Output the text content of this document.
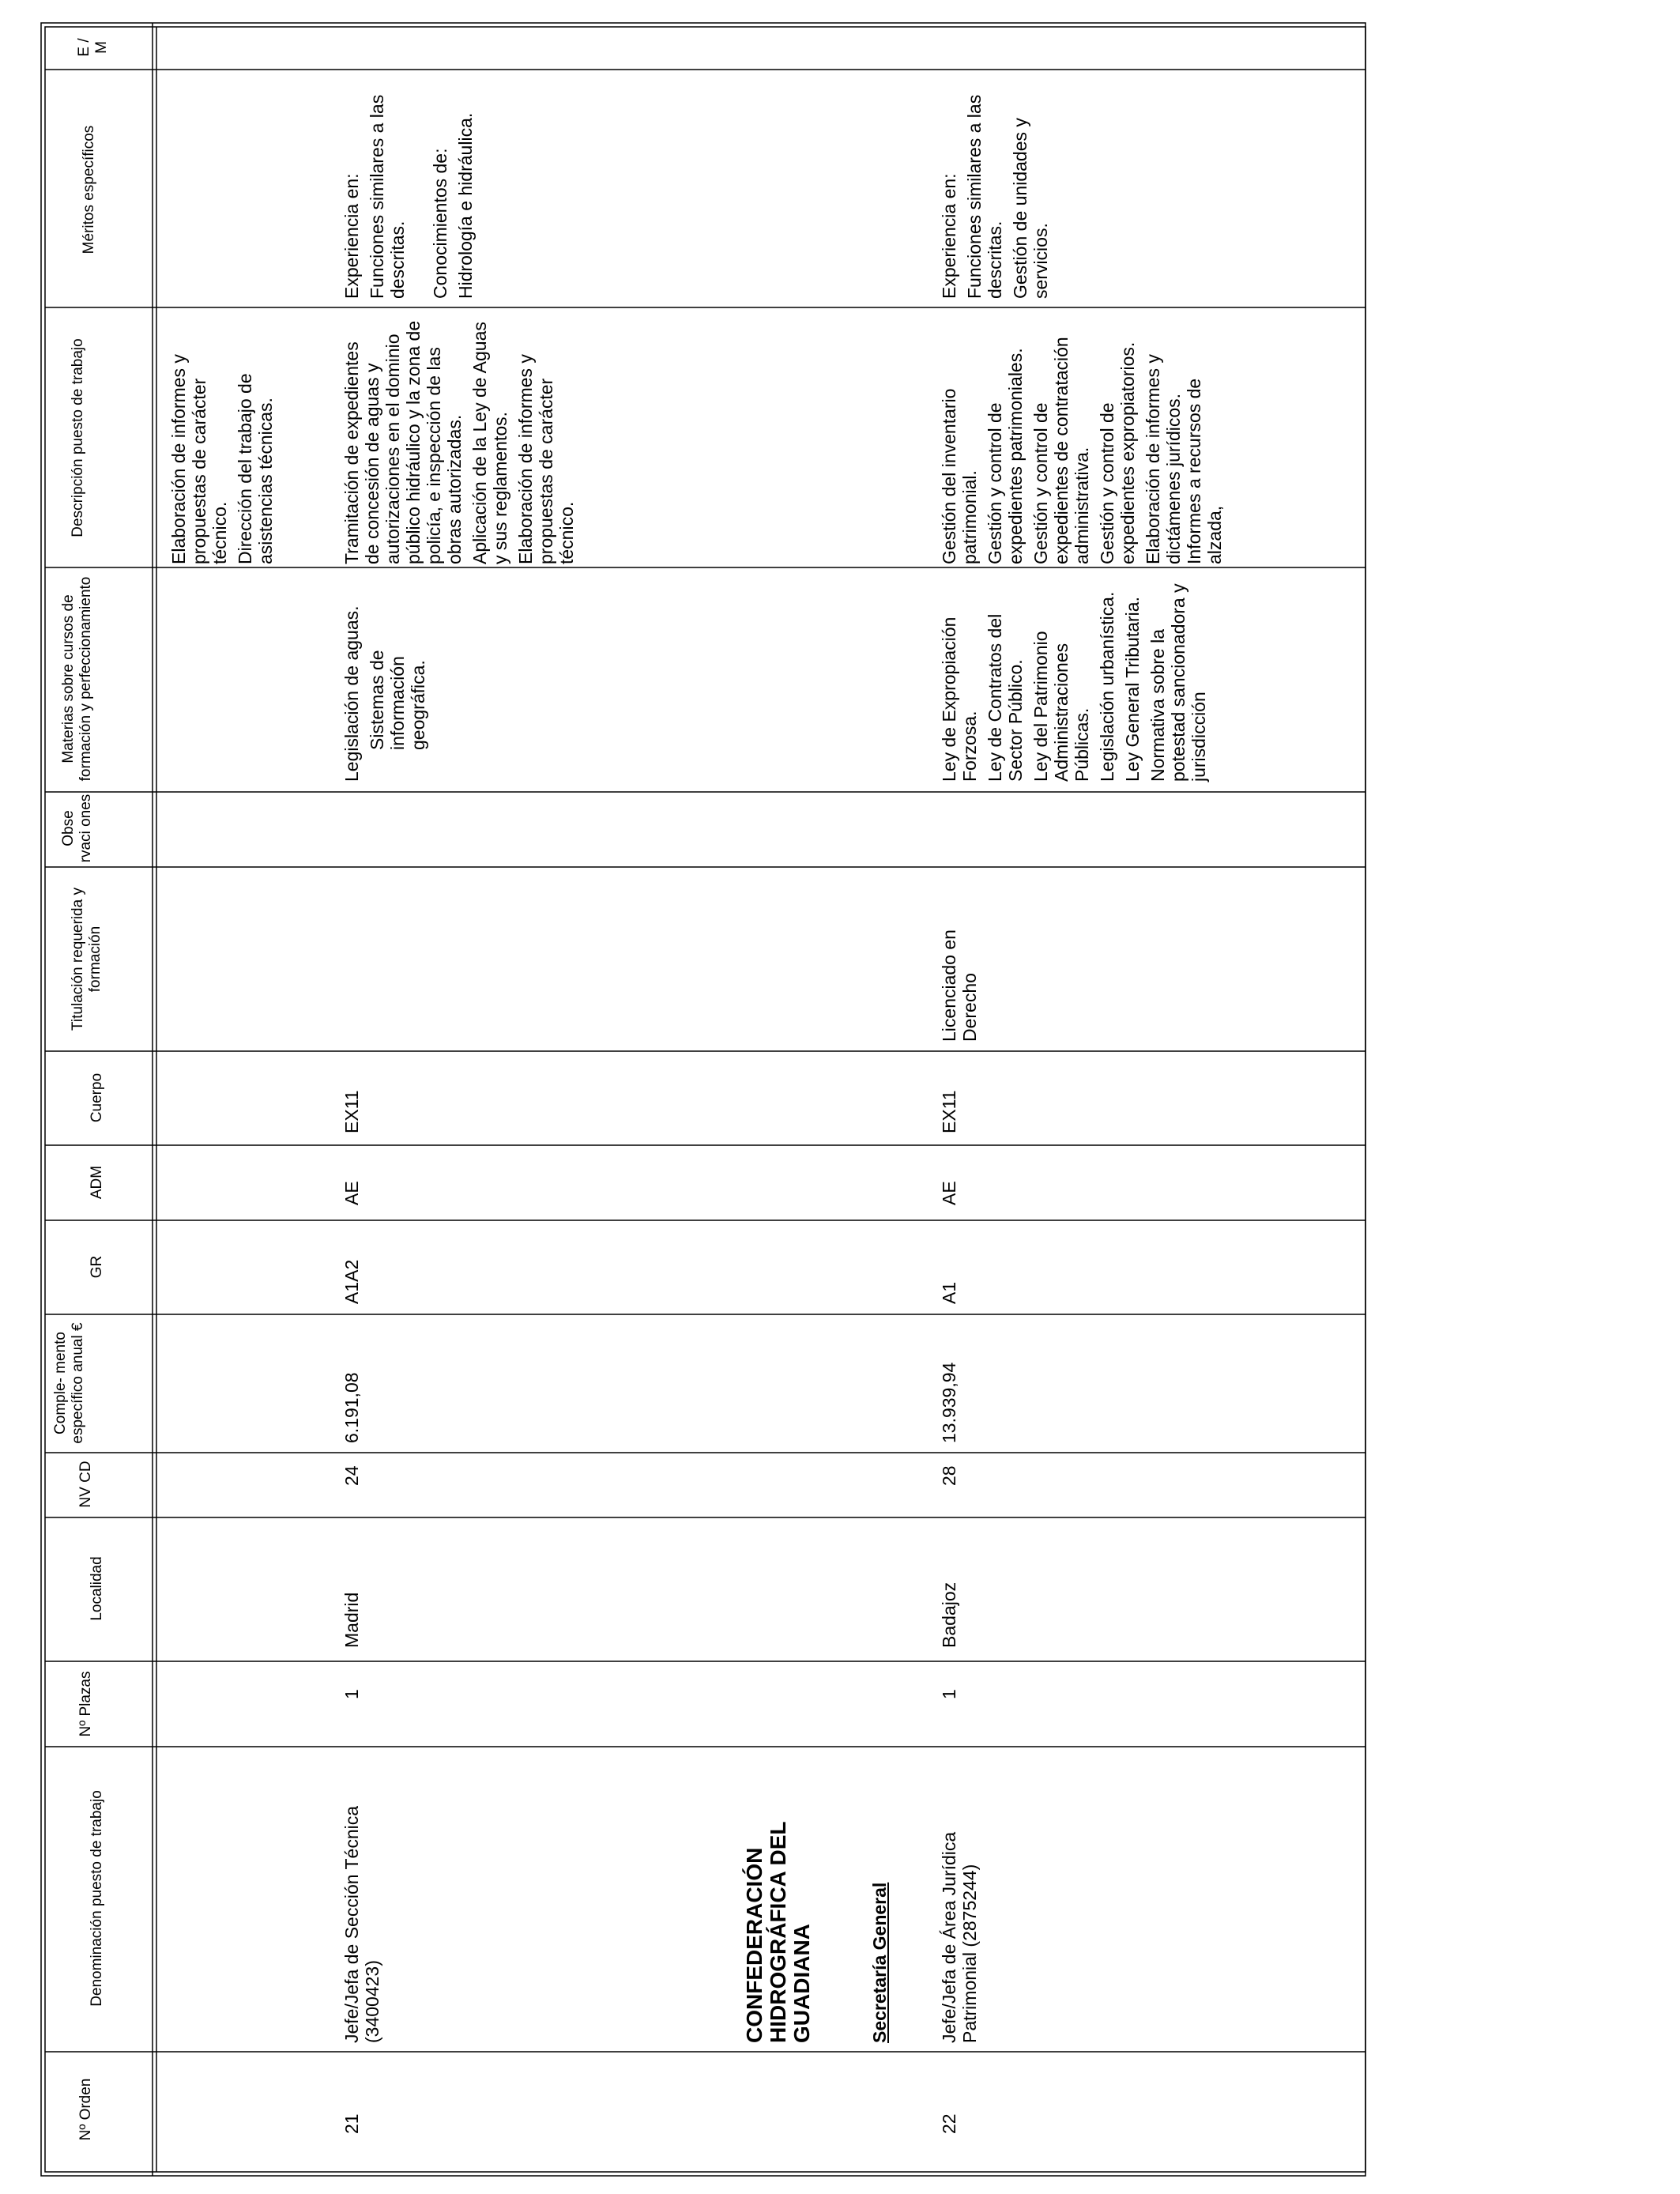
E / M
Méritos específicos
Descripción puesto de trabajo
Materias sobre cursos de formación y perfeccionamiento
Obse rvaci ones
Titulación requerida y formación
Cuerpo
ADM
GR
Comple- mento específico anual €
NV CD
Localidad
Nº Plazas
Denominación puesto de trabajo
Nº Orden
Elaboración de informes y propuestas de carácter técnico. Dirección del trabajo de asistencias técnicas.
21
Jefe/Jefa de Sección Técnica (3400423)
1
Madrid
24
6.191,08
A1A2
AE
EX11
Legislación de aguas. Sistemas de información geográfica.
Tramitación de expedientes de concesión de aguas y autorizaciones en el dominio público hidráulico y la zona de policía, e inspección de las obras autorizadas. Aplicación de la Ley de Aguas y sus reglamentos. Elaboración de informes y propuestas de carácter técnico.
Experiencia en: Funciones similares a las descritas. Conocimientos de: Hidrología e hidráulica.
CONFEDERACIÓN HIDROGRÁFICA DEL GUADIANA	Secretaría General
22
Jefe/Jefa de Área Jurídica Patrimonial (2875244)
1
Badajoz
28
13.939,94
A1
AE
EX11
Licenciado en Derecho
Ley de Expropiación Forzosa. Ley de Contratos del Sector Público. Ley del Patrimonio Administraciones Públicas. Legislación urbanística. Ley General Tributaria. Normativa sobre la potestad sancionadora y jurisdicción
Gestión del inventario patrimonial. Gestión y control de expedientes patrimoniales. Gestión y control de expedientes de contratación administrativa. Gestión y control de expedientes expropiatorios. Elaboración de informes y dictámenes jurídicos. Informes a recursos de alzada,
Experiencia en: Funciones similares a las descritas. Gestión de unidades y servicios.
